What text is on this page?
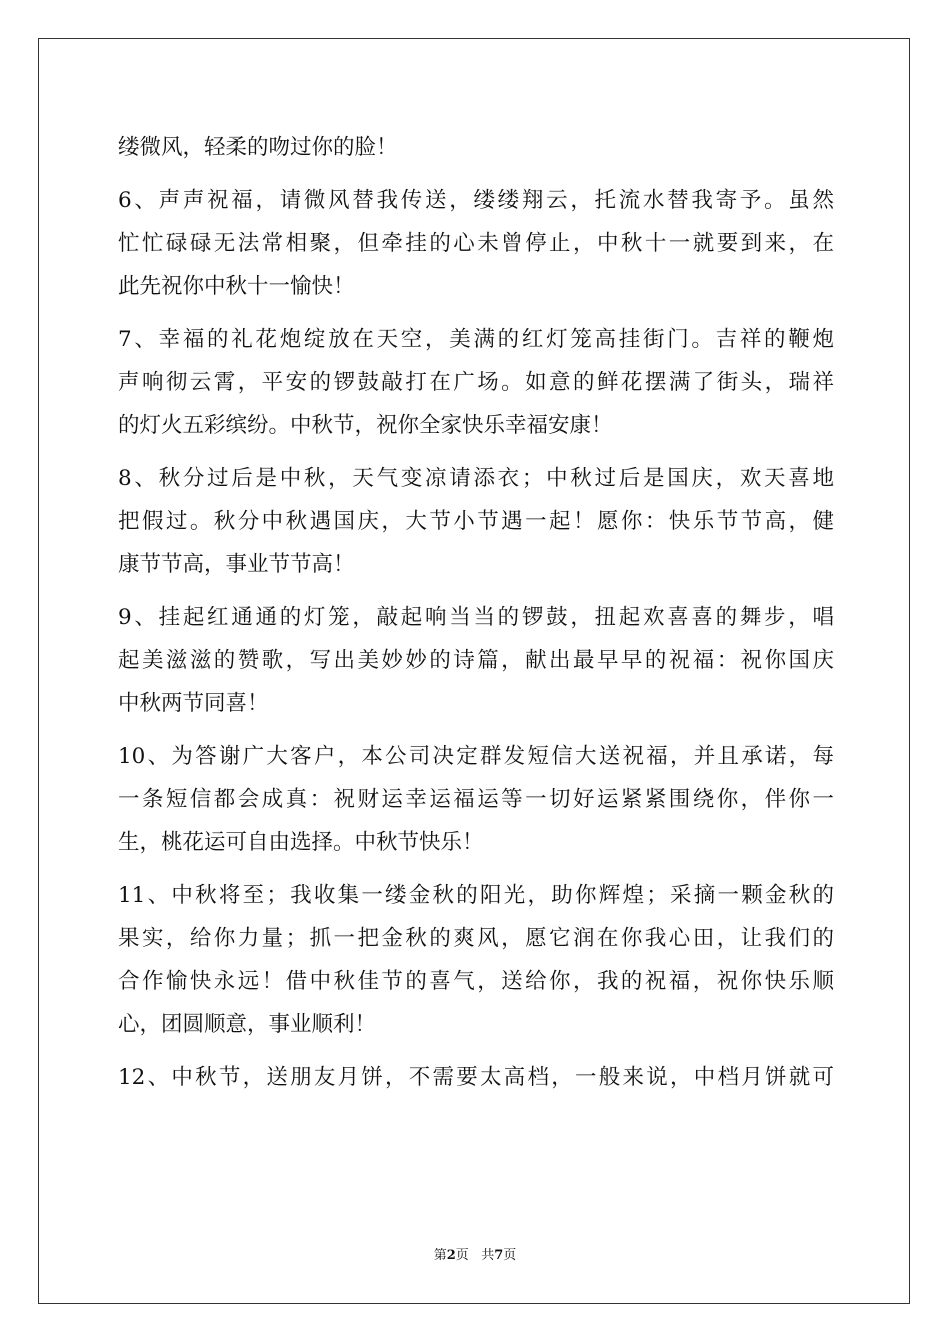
缕微风，轻柔的吻过你的脸！
6、声声祝福，请微风替我传送，缕缕翔云，托流水替我寄予。虽然
忙忙碌碌无法常相聚，但牵挂的心未曾停止，中秋十一就要到来，在
此先祝你中秋十一愉快！
7、幸福的礼花炮绽放在天空，美满的红灯笼高挂街门。吉祥的鞭炮
声响彻云霄，平安的锣鼓敲打在广场。如意的鲜花摆满了街头，瑞祥
的灯火五彩缤纷。中秋节，祝你全家快乐幸福安康！
8、秋分过后是中秋，天气变凉请添衣；中秋过后是国庆，欢天喜地
把假过。秋分中秋遇国庆，大节小节遇一起！愿你：快乐节节高，健
康节节高，事业节节高！
9、挂起红通通的灯笼，敲起响当当的锣鼓，扭起欢喜喜的舞步，唱
起美滋滋的赞歌，写出美妙妙的诗篇，献出最早早的祝福：祝你国庆
中秋两节同喜！
10、为答谢广大客户，本公司决定群发短信大送祝福，并且承诺，每
一条短信都会成真：祝财运幸运福运等一切好运紧紧围绕你，伴你一
生，桃花运可自由选择。中秋节快乐！
11、中秋将至；我收集一缕金秋的阳光，助你辉煌；采摘一颗金秋的
果实，给你力量；抓一把金秋的爽风，愿它润在你我心田，让我们的
合作愉快永远！借中秋佳节的喜气，送给你，我的祝福，祝你快乐顺
心，团圆顺意，事业顺利！
12、中秋节，送朋友月饼，不需要太高档，一般来说，中档月饼就可
第2页   共7页
